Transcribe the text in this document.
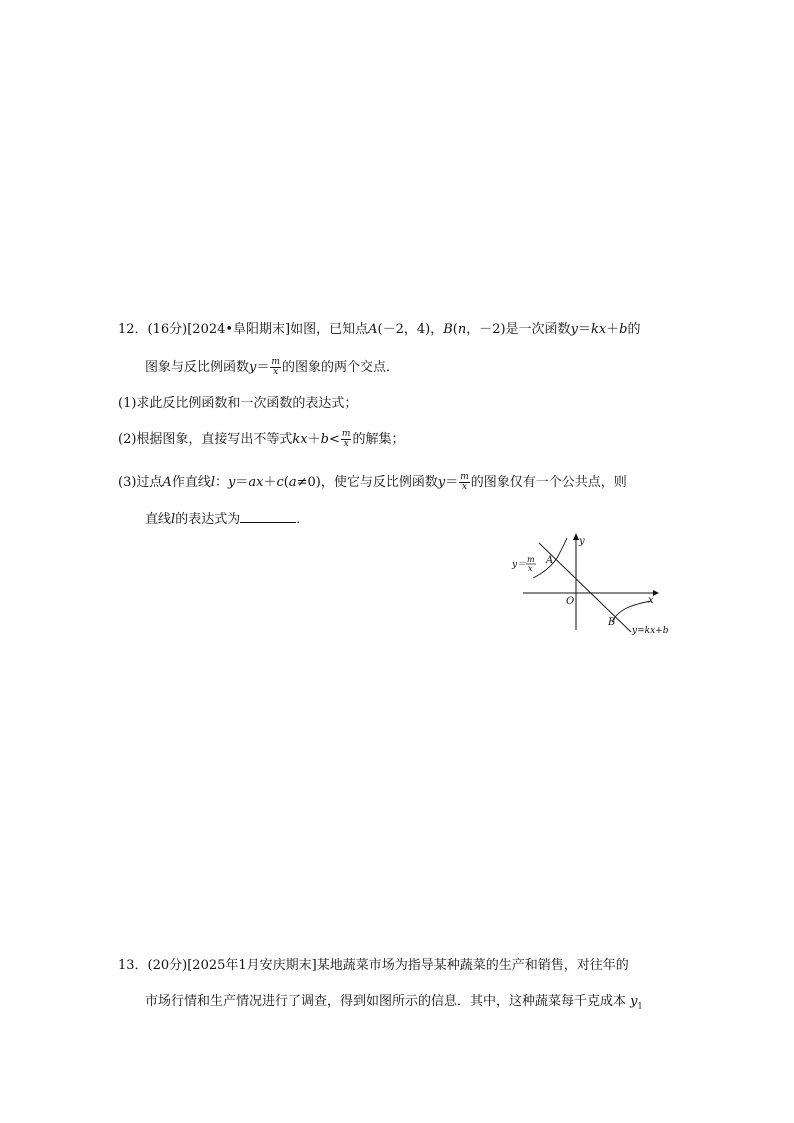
12．(16分)[2024•阜阳期末]如图，已知点A(－2，4)，B(n，－2)是一次函数y＝kx＋b的
图象与反比例函数$y= \frac{m}{x}$ 的图象的两个交点．
(1)求此反比例函数和一次函数的表达式；
(2)根据图象，直接写出不等式$kx+b< \frac{m}{x}$ 的解集；
(3)过点A作直线l：y＝ax＋c(a≠0)，使它与反比例函数$y= \frac{m}{x}$ 的图象仅有一个公共点，则
直线l的表达式为	．
y
x
O
A
B
y＝
m
x
y=kx+b
13．(20分)[2025年1月安庆期末]某地蔬菜市场为指导某种蔬菜的生产和销售，对往年的
市场行情和生产情况进行了调查，得到如图所示的信息．其中，这种蔬菜每千克成本 $y_1$
